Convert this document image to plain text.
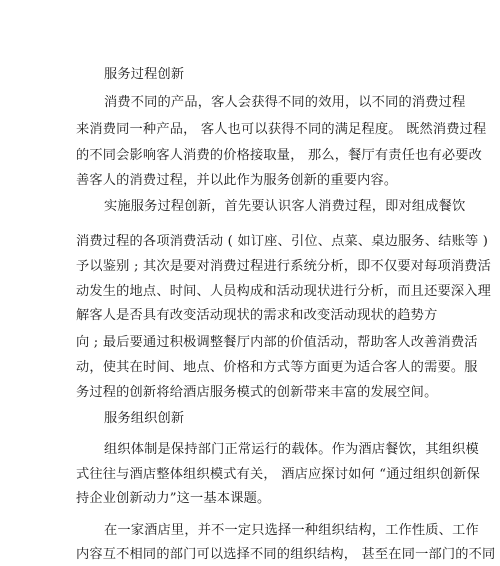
服务过程创新
消费不同的产品，客人会获得不同的效用，以不同的消费过程
来消费同一种产品， 客人也可以获得不同的满足程度。 既然消费过程
的不同会影响客人消费的价格接取量， 那么，餐厅有责任也有必要改
善客人的消费过程，并以此作为服务创新的重要内容。
实施服务过程创新，首先要认识客人消费过程，即对组成餐饮
消费过程的各项消费活动 ( 如订座、引位、点菜、桌边服务、结账等 )
予以鉴别 ; 其次是要对消费过程进行系统分析，即不仅要对每项消费活
动发生的地点、时间、人员构成和活动现状进行分析，而且还要深入理
解客人是否具有改变活动现状的需求和改变活动现状的趋势方
向 ; 最后要通过积极调整餐厅内部的价值活动，帮助客人改善消费活
动，使其在时间、地点、价格和方式等方面更为适合客人的需要。服
务过程的创新将给酒店服务模式的创新带来丰富的发展空间。
服务组织创新
组织体制是保持部门正常运行的载体。作为酒店餐饮，其组织模
式往往与酒店整体组织模式有关， 酒店应探讨如何 “通过组织创新保
持企业创新动力”这一基本课题。
在一家酒店里，并不一定只选择一种组织结构，工作性质、工作
内容互不相同的部门可以选择不同的组织结构， 甚至在同一部门的不同
